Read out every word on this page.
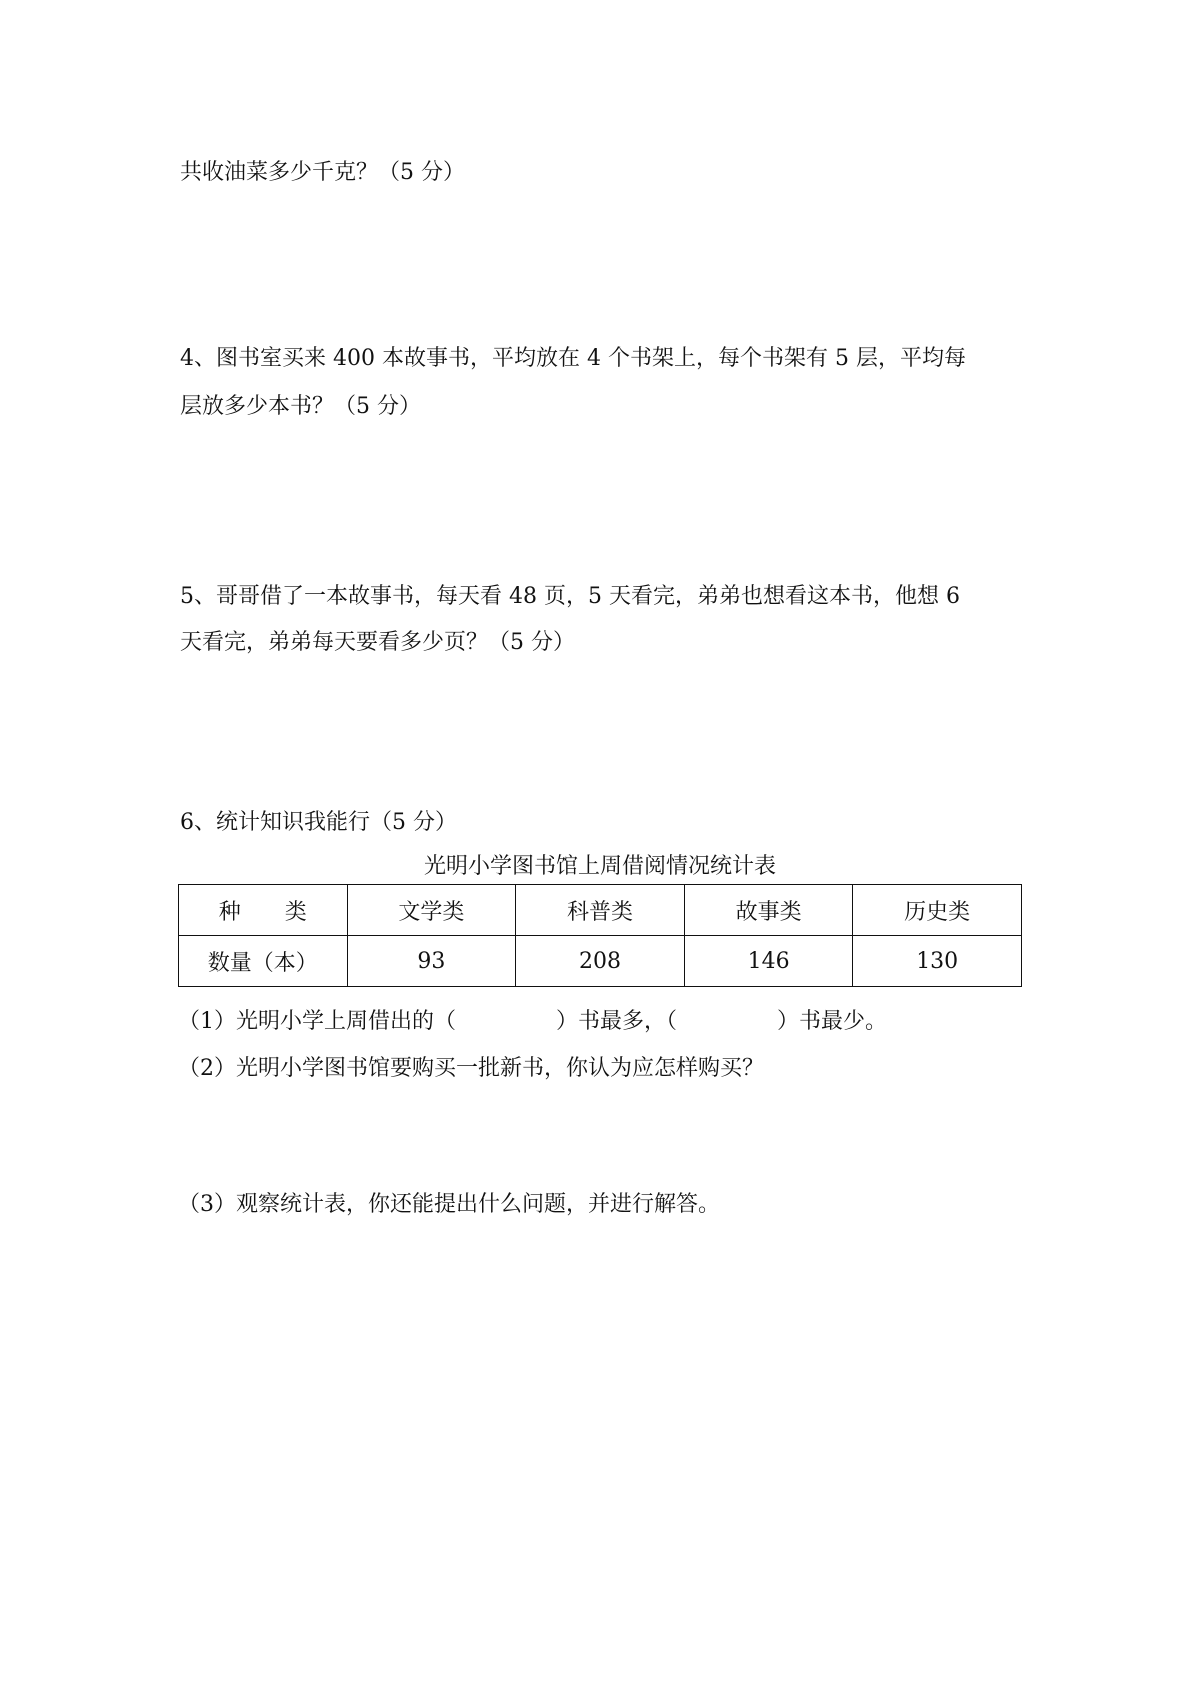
共收油菜多少千克？（5 分）
4、图书室买来 400 本故事书，平均放在 4 个书架上，每个书架有 5 层，平均每
层放多少本书？（5 分）
5、哥哥借了一本故事书，每天看 48 页，5 天看完，弟弟也想看这本书，他想 6
天看完，弟弟每天要看多少页？（5 分）
6、统计知识我能行（5 分）
光明小学图书馆上周借阅情况统计表
种　　类	文学类	科普类	故事类	历史类
数量（本）	93	208	146	130
（1）光明小学上周借出的（	）书最多，（	）书最少。
（2）光明小学图书馆要购买一批新书，你认为应怎样购买？
（3）观察统计表，你还能提出什么问题，并进行解答。
